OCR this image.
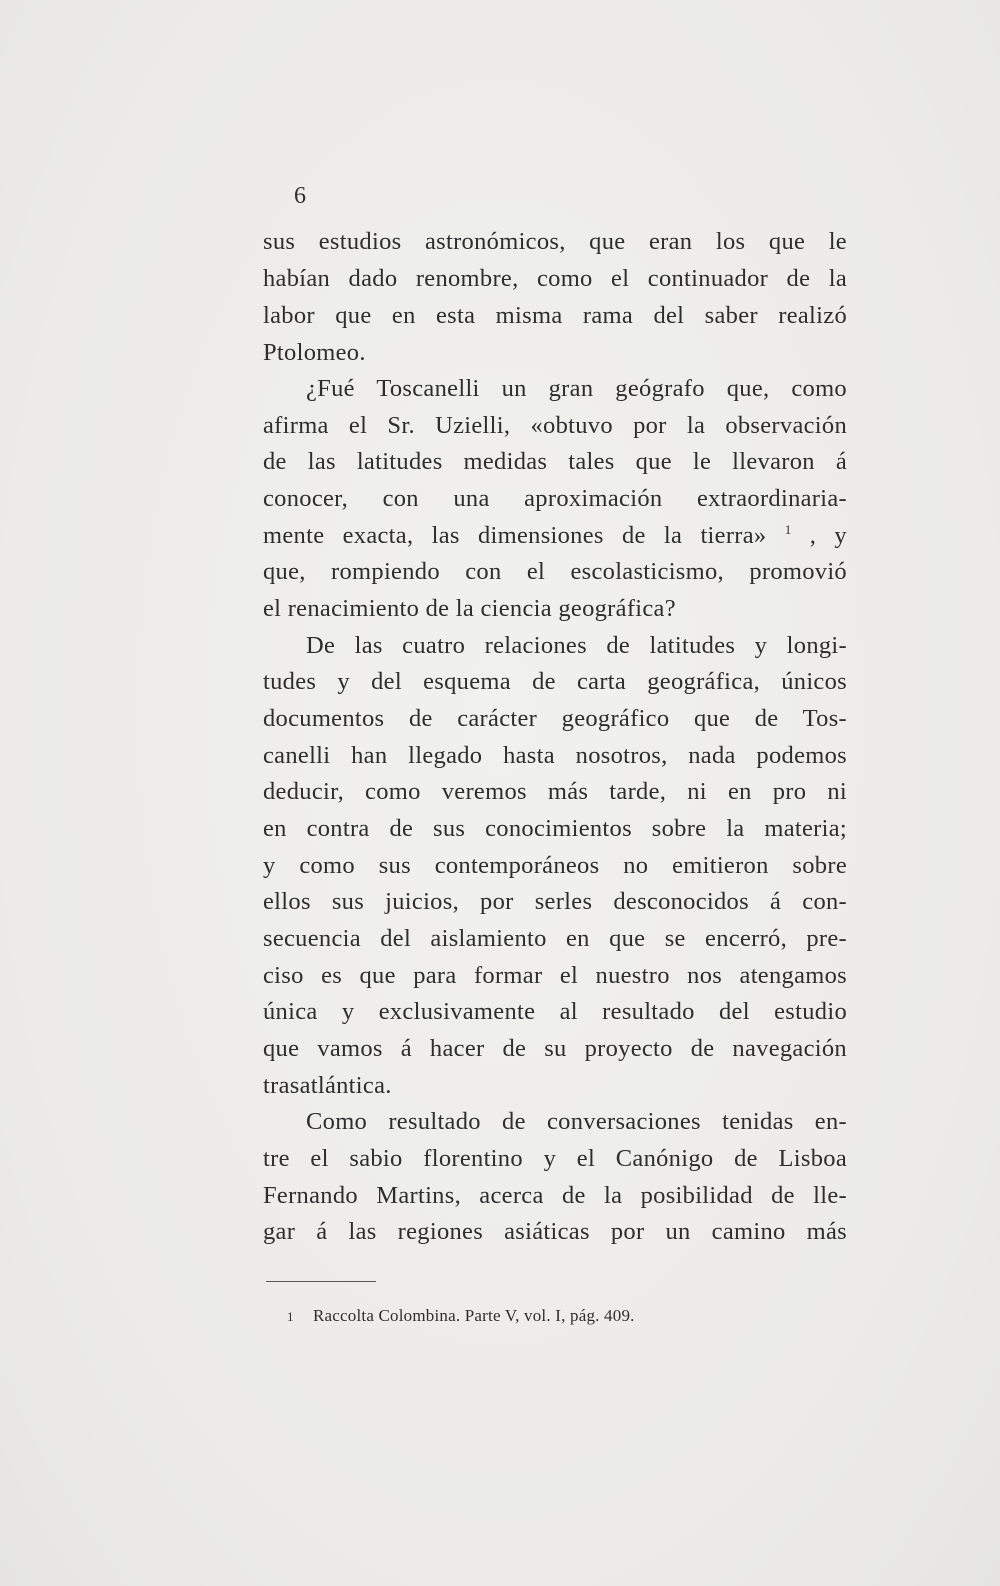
6
sus estudios astronómicos, que eran los que le
habían dado renombre, como el continuador de la
labor que en esta misma rama del saber realizó
Ptolomeo.
¿Fué Toscanelli un gran geógrafo que, como
afirma el Sr. Uzielli, «obtuvo por la observación
de las latitudes medidas tales que le llevaron á
conocer, con una aproximación extraordinaria-
mente exacta, las dimensiones de la tierra» $^1$ , y
que, rompiendo con el escolasticismo, promovió
el renacimiento de la ciencia geográfica?
De las cuatro relaciones de latitudes y longi-
tudes y del esquema de carta geográfica, únicos
documentos de carácter geográfico que de Tos-
canelli han llegado hasta nosotros, nada podemos
deducir, como veremos más tarde, ni en pro ni
en contra de sus conocimientos sobre la materia;
y como sus contemporáneos no emitieron sobre
ellos sus juicios, por serles desconocidos á con-
secuencia del aislamiento en que se encerró, pre-
ciso es que para formar el nuestro nos atengamos
única y exclusivamente al resultado del estudio
que vamos á hacer de su proyecto de navegación
trasatlántica.
Como resultado de conversaciones tenidas en-
tre el sabio florentino y el Canónigo de Lisboa
Fernando Martins, acerca de la posibilidad de lle-
gar á las regiones asiáticas por un camino más
1 Raccolta Colombina. Parte V, vol. I, pág. 409.
